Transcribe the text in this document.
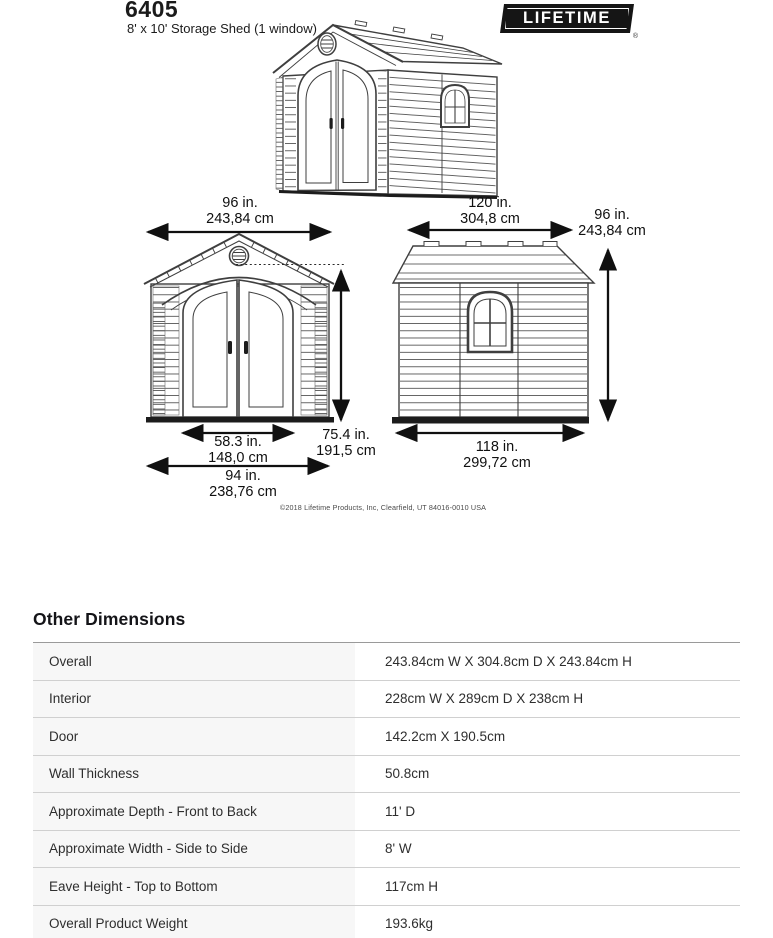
6405
8' x 10' Storage Shed (1 window)
LIFETIME
®
96 in.
243,84 cm
120 in.
304,8 cm	96 in.
243,84 cm
58.3 in.
148,0 cm
75.4 in.
191,5 cm
94 in.
238,76 cm
118 in.
299,72 cm
©2018 Lifetime Products, Inc, Clearfield, UT 84016-0010 USA
Other Dimensions
Overall	243.84cm W X 304.8cm D X 243.84cm H
Interior	228cm W X 289cm D X 238cm H
Door	142.2cm X 190.5cm
Wall Thickness	50.8cm
Approximate Depth - Front to Back	11' D
Approximate Width - Side to Side	8' W
Eave Height - Top to Bottom	117cm H
Overall Product Weight	193.6kg
